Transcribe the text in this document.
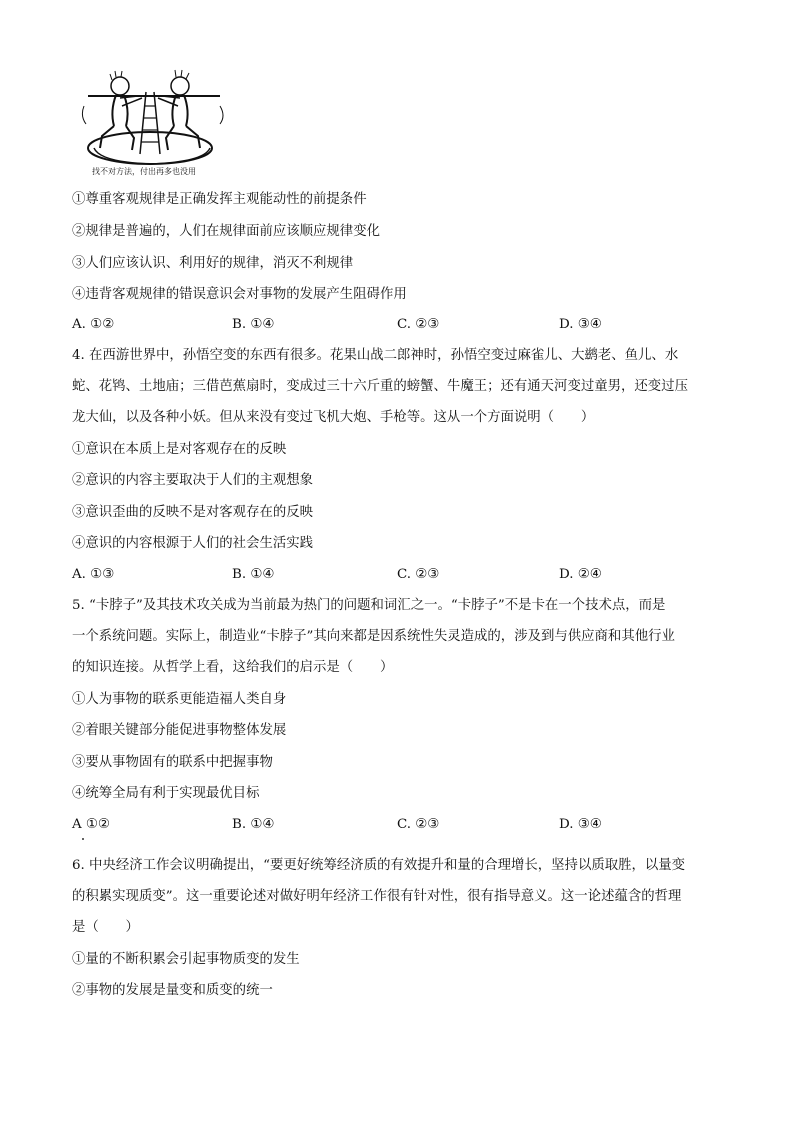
找不对方法，付出再多也没用
①尊重客观规律是正确发挥主观能动性的前提条件
②规律是普遍的，人们在规律面前应该顺应规律变化
③人们应该认识、利用好的规律，消灭不利规律
④违背客观规律的错误意识会对事物的发展产生阻碍作用
A. ①②	B. ①④	C. ②③	D. ③④
4. 在西游世界中，孙悟空变的东西有很多。花果山战二郎神时，孙悟空变过麻雀儿、大鹚老、鱼儿、水
蛇、花鸨、土地庙；三借芭蕉扇时，变成过三十六斤重的螃蟹、牛魔王；还有通天河变过童男，还变过压
龙大仙，以及各种小妖。但从来没有变过飞机大炮、手枪等。这从一个方面说明（　　）
①意识在本质上是对客观存在的反映
②意识的内容主要取决于人们的主观想象
③意识歪曲的反映不是对客观存在的反映
④意识的内容根源于人们的社会生活实践
A. ①③	B. ①④	C. ②③	D. ②④
5. “卡脖子”及其技术攻关成为当前最为热门的问题和词汇之一。“卡脖子”不是卡在一个技术点，而是
一个系统问题。实际上，制造业“卡脖子”其向来都是因系统性失灵造成的，涉及到与供应商和其他行业
的知识连接。从哲学上看，这给我们的启示是（　　）
①人为事物的联系更能造福人类自身
②着眼关键部分能促进事物整体发展
③要从事物固有的联系中把握事物
④统筹全局有利于实现最优目标
A ①②	B. ①④	C. ②③	D. ③④
6. 中央经济工作会议明确提出，“要更好统筹经济质的有效提升和量的合理增长，坚持以质取胜，以量变
的积累实现质变”。这一重要论述对做好明年经济工作很有针对性，很有指导意义。这一论述蕴含的哲理
是（　　）
①量的不断积累会引起事物质变的发生
②事物的发展是量变和质变的统一
